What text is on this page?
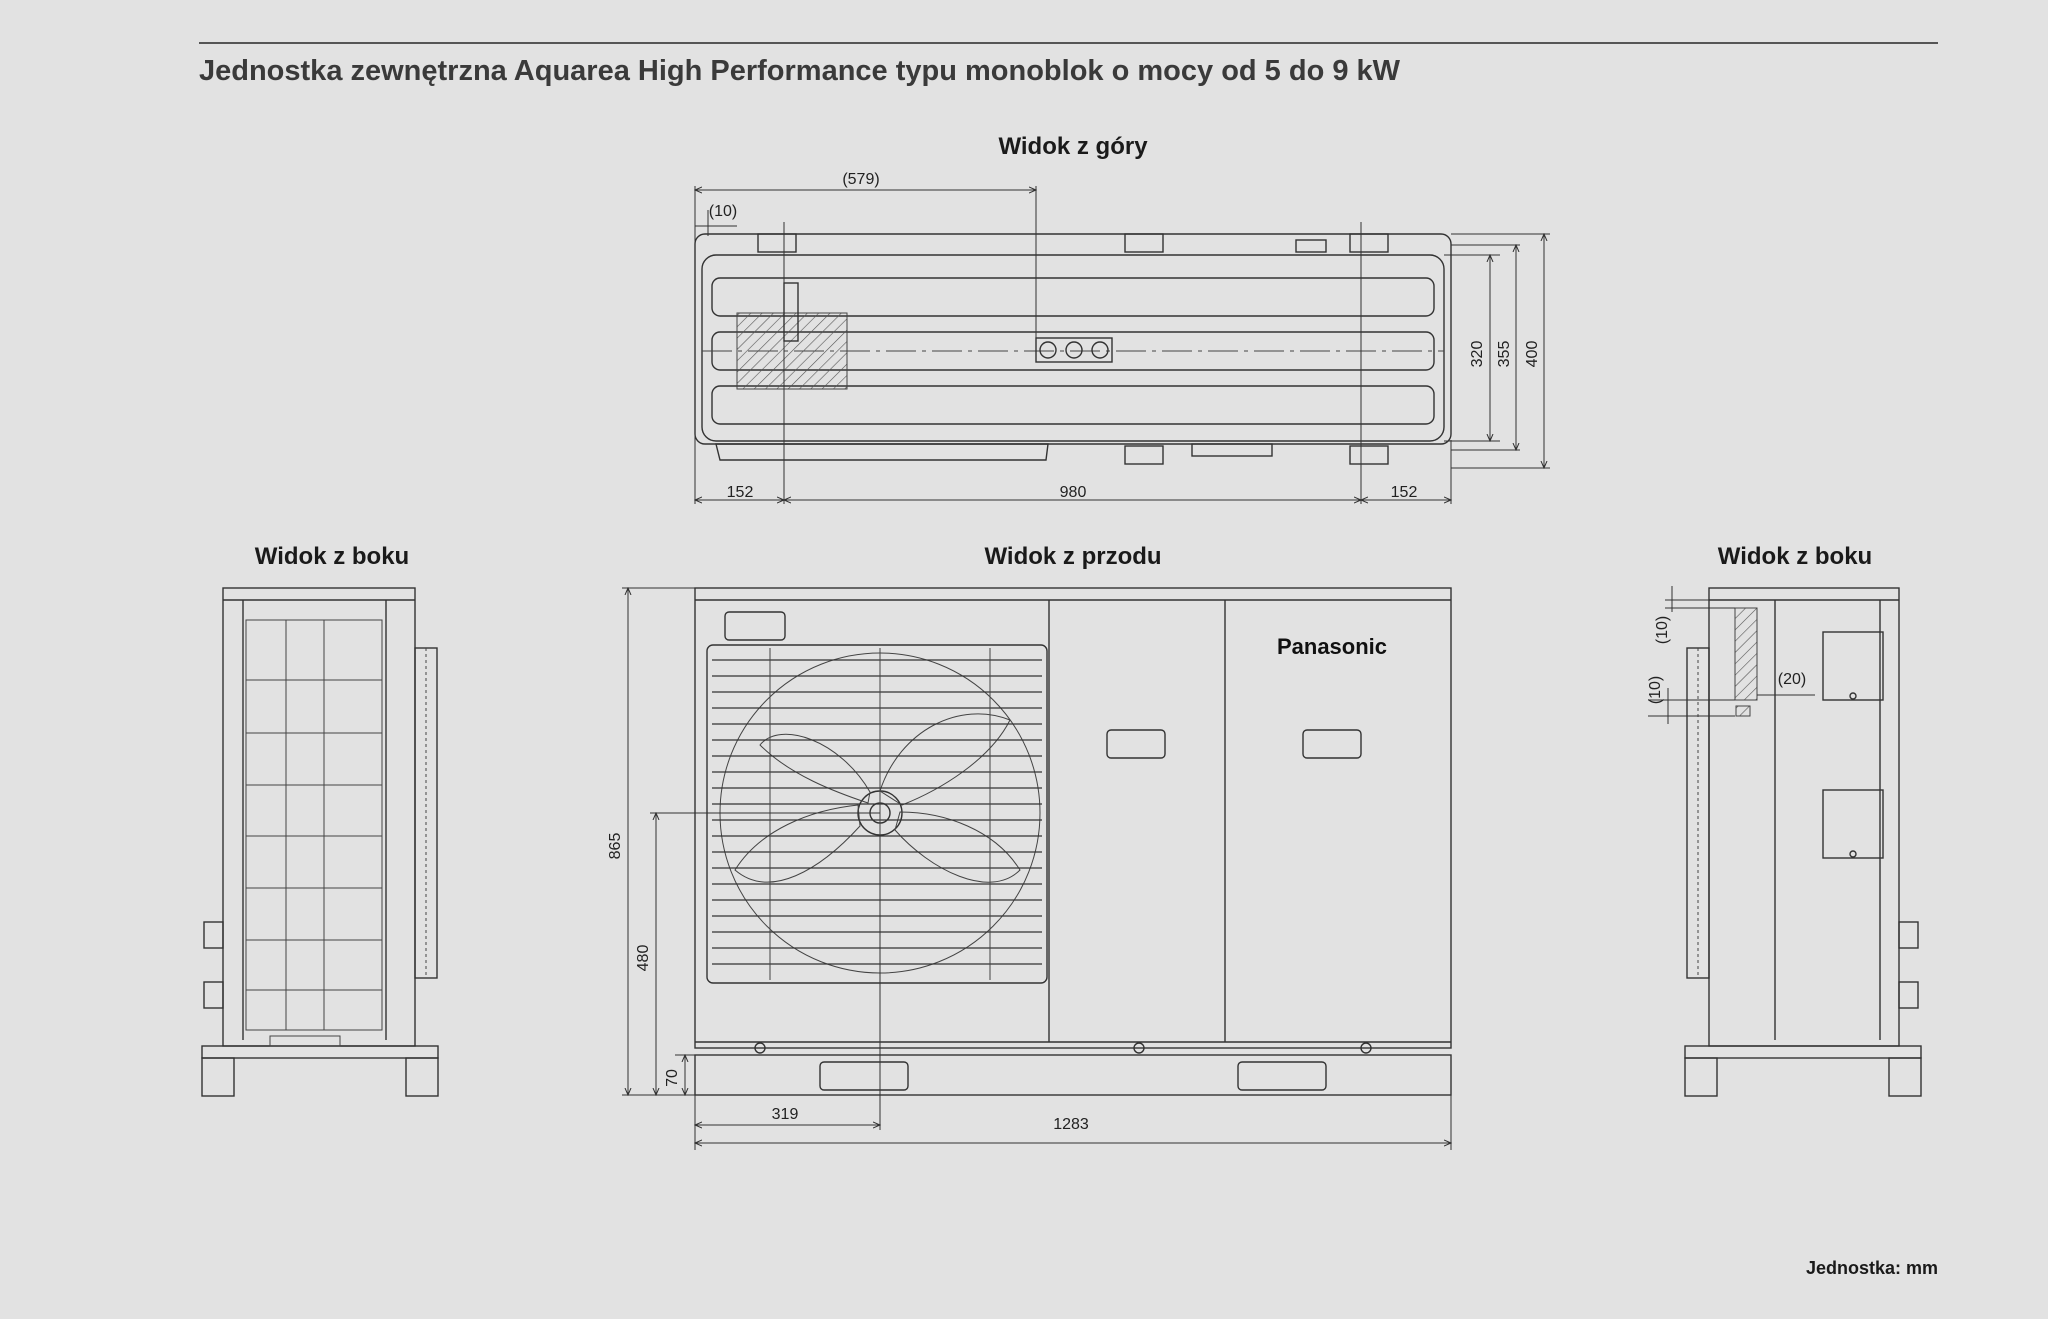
Jednostka zewnętrzna Aquarea High Performance typu monoblok o mocy od 5 do 9 kW
Widok z góry
Widok z przodu
Widok z boku	Widok z boku
Jednostka: mm
(579)
(10)
152	980	152
320 355 400
Panasonic
865
480
70
319
1283
(10)
(10)	(20)
